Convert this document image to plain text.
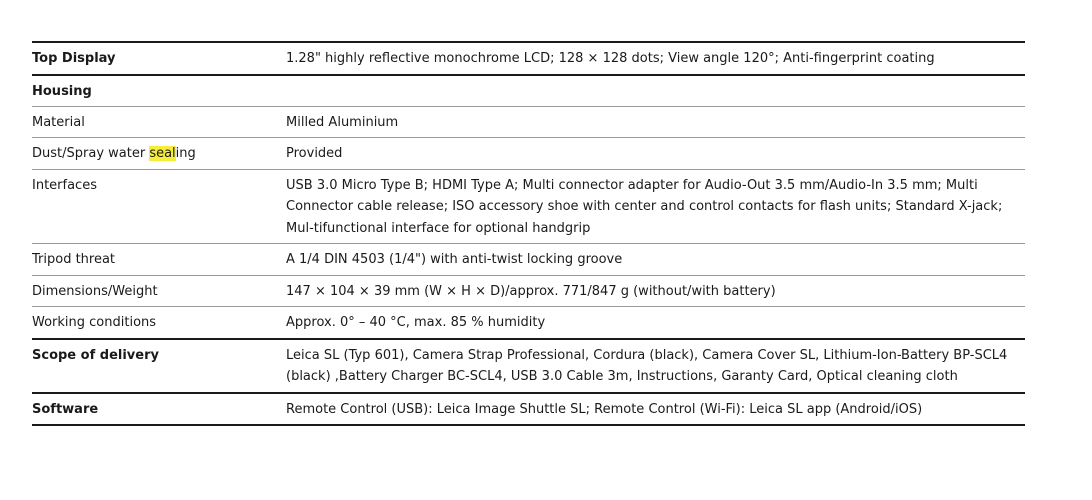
Top Display	1.28" highly reflective monochrome LCD; 128 × 128 dots; View angle 120°; Anti-fingerprint coating
Housing
Material	Milled Aluminium
Dust/Spray water sealing	Provided
Interfaces	USB 3.0 Micro Type B; HDMI Type A; Multi connector adapter for Audio-Out 3.5 mm/Audio-In 3.5 mm; Multi Connector cable release; ISO accessory shoe with center and control contacts for flash units; Standard X-jack; Mul-tifunctional interface for optional handgrip
Tripod threat	A 1/4 DIN 4503 (1/4") with anti-twist locking groove
Dimensions/Weight	147 × 104 × 39 mm (W × H × D)/approx. 771/847 g (without/with battery)
Working conditions	Approx. 0° – 40 °C, max. 85 % humidity
Scope of delivery	Leica SL (Typ 601), Camera Strap Professional, Cordura (black), Camera Cover SL, Lithium-Ion-Battery BP-SCL4 (black) ,Battery Charger BC-SCL4, USB 3.0 Cable 3m, Instructions, Garanty Card, Optical cleaning cloth
Software	Remote Control (USB): Leica Image Shuttle SL; Remote Control (Wi-Fi): Leica SL app (Android/iOS)
